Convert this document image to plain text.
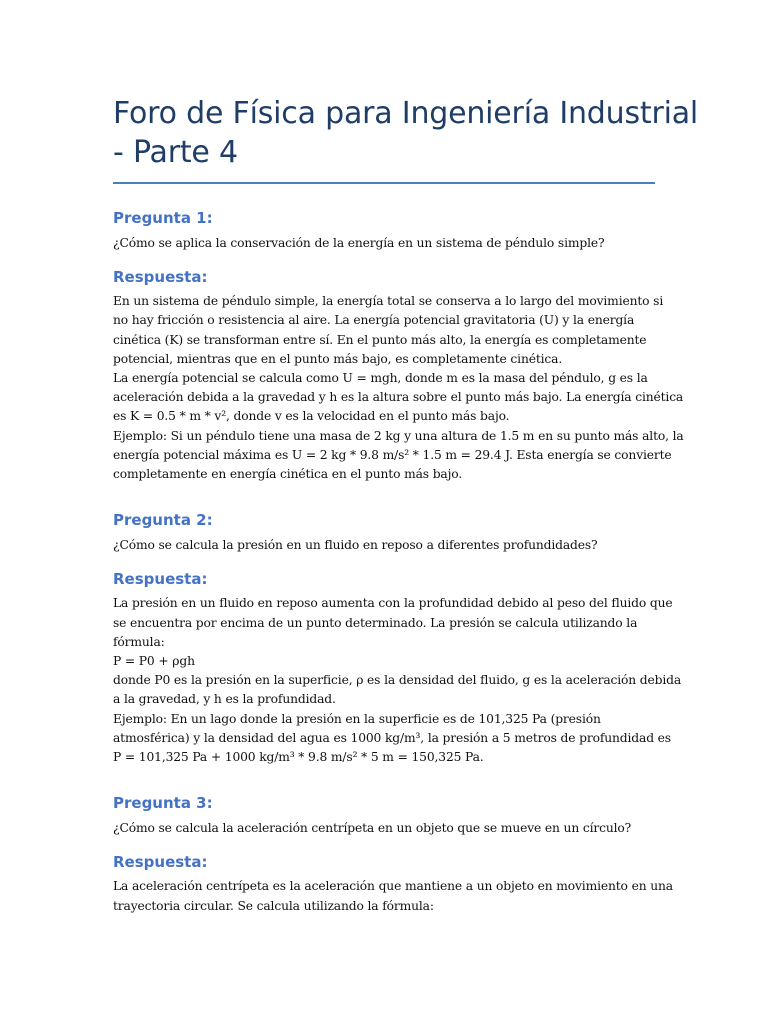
Foro de Física para Ingeniería Industrial
- Parte 4
Pregunta 1:

¿Cómo se aplica la conservación de la energía en un sistema de péndulo simple?

Respuesta:

En un sistema de péndulo simple, la energía total se conserva a lo largo del movimiento si
no hay fricción o resistencia al aire. La energía potencial gravitatoria (U) y la energía
cinética (K) se transforman entre sí. En el punto más alto, la energía es completamente
potencial, mientras que en el punto más bajo, es completamente cinética.
La energía potencial se calcula como U = mgh, donde m es la masa del péndulo, g es la
aceleración debida a la gravedad y h es la altura sobre el punto más bajo. La energía cinética
es K = 0.5 * m * v², donde v es la velocidad en el punto más bajo.
Ejemplo: Si un péndulo tiene una masa de 2 kg y una altura de 1.5 m en su punto más alto, la
energía potencial máxima es U = 2 kg * 9.8 m/s² * 1.5 m = 29.4 J. Esta energía se convierte
completamente en energía cinética en el punto más bajo.

Pregunta 2:

¿Cómo se calcula la presión en un fluido en reposo a diferentes profundidades?

Respuesta:

La presión en un fluido en reposo aumenta con la profundidad debido al peso del fluido que
se encuentra por encima de un punto determinado. La presión se calcula utilizando la
fórmula:
P = P0 + ρgh
donde P0 es la presión en la superficie, ρ es la densidad del fluido, g es la aceleración debida
a la gravedad, y h es la profundidad.
Ejemplo: En un lago donde la presión en la superficie es de 101,325 Pa (presión
atmosférica) y la densidad del agua es 1000 kg/m³, la presión a 5 metros de profundidad es
P = 101,325 Pa + 1000 kg/m³ * 9.8 m/s² * 5 m = 150,325 Pa.

Pregunta 3:

¿Cómo se calcula la aceleración centrípeta en un objeto que se mueve en un círculo?

Respuesta:

La aceleración centrípeta es la aceleración que mantiene a un objeto en movimiento en una
trayectoria circular. Se calcula utilizando la fórmula:
